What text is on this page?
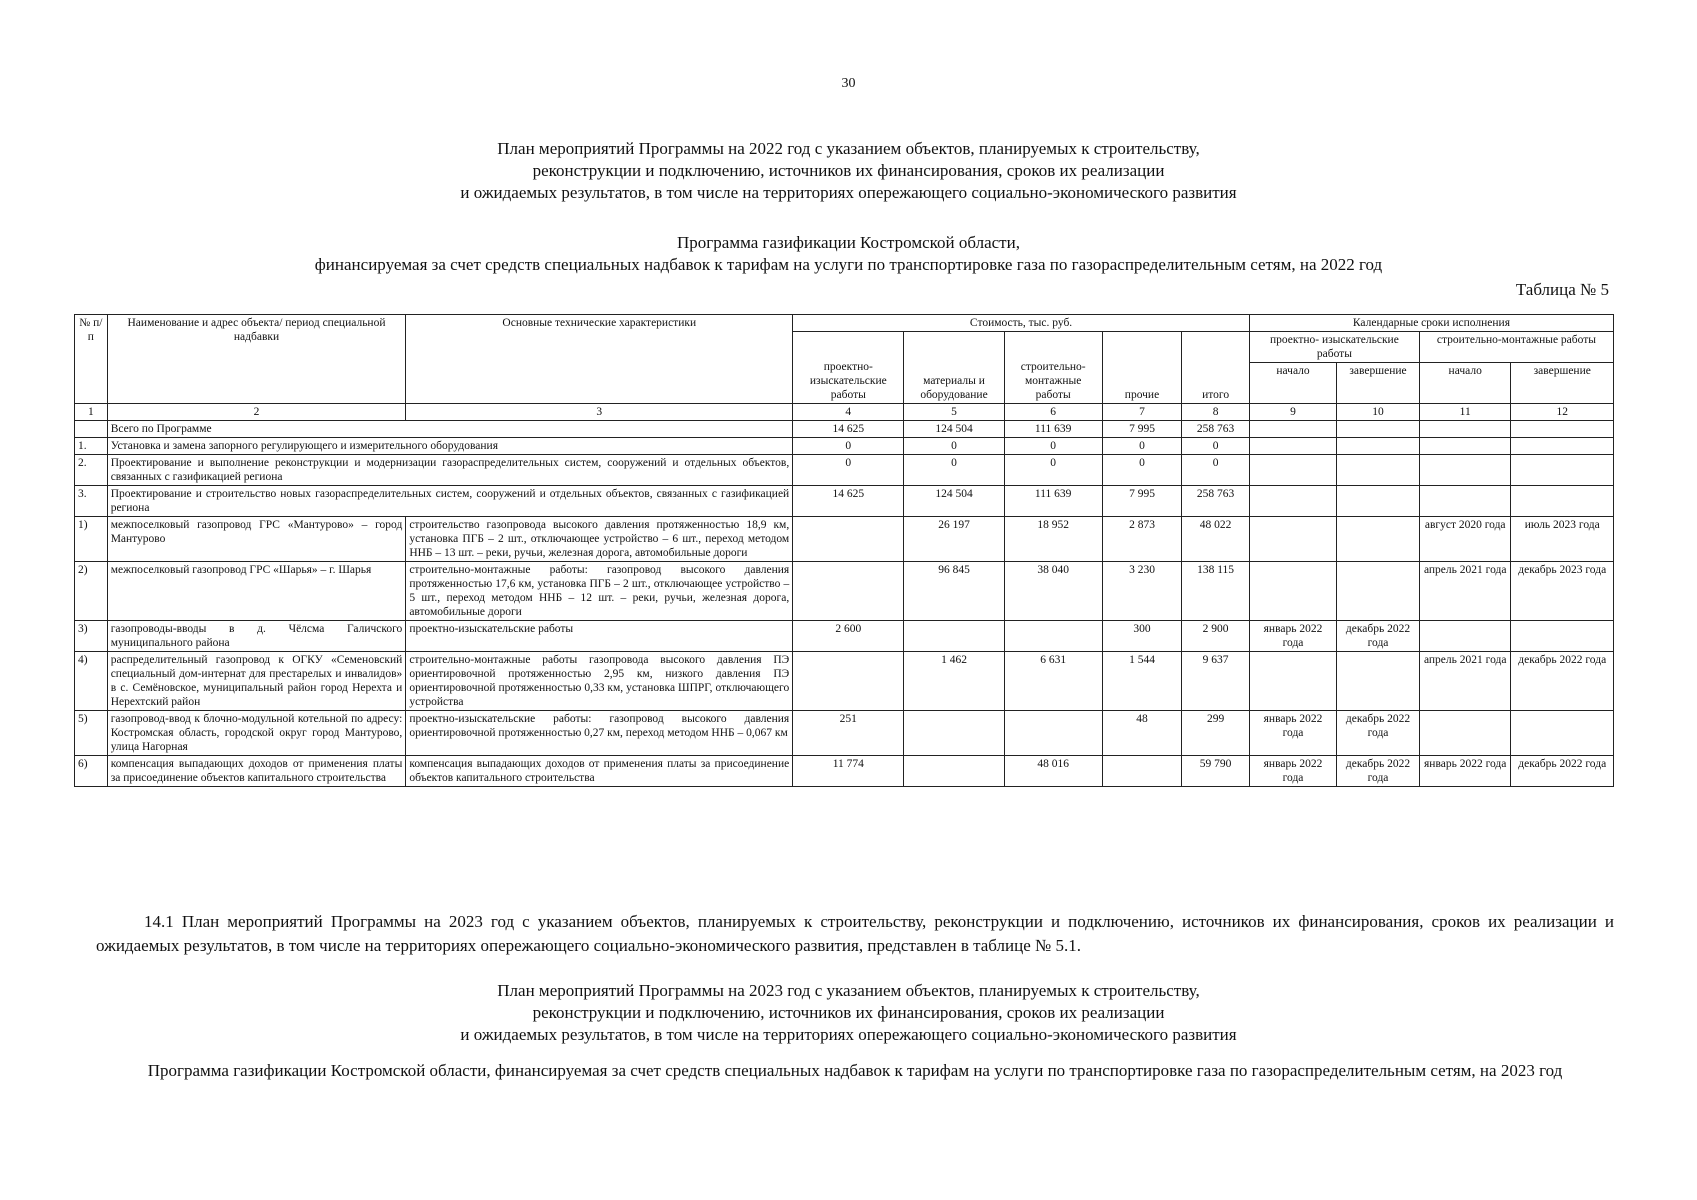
30
План мероприятий Программы на 2022 год с указанием объектов, планируемых к строительству,
реконструкции и подключению, источников их финансирования, сроков их реализации
и ожидаемых результатов, в том числе на территориях опережающего социально-экономического развития
Программа газификации Костромской области,
финансируемая за счет средств специальных надбавок к тарифам на услуги по транспортировке газа по газораспределительным сетям, на 2022 год
Таблица № 5
№ п/п	Наименование и адрес объекта/ период специальной надбавки	Основные технические характеристики	Стоимость, тыс. руб.					Календарные сроки исполнения			
			проектно- изыскательские работы	материалы и оборудование	строительно- монтажные работы	прочие	итого	проектно- изыскательские работы		строительно-монтажные работы	
								начало	завершение	начало	завершение
1	2	3	4	5	6	7	8	9	10	11	12
	Всего по Программе		14 625	124 504	111 639	7 995	258 763				
1.	Установка и замена запорного регулирующего и измерительного оборудования		0	0	0	0	0				
2.	Проектирование и выполнение реконструкции и модернизации газораспределительных систем, сооружений и отдельных объектов, связанных с газификацией региона		0	0	0	0	0				
3.	Проектирование и строительство новых газораспределительных систем, сооружений и отдельных объектов, связанных с газификацией региона		14 625	124 504	111 639	7 995	258 763				
1)	межпоселковый газопровод ГРС «Мантурово» – город Мантурово	строительство газопровода высокого давления протяженностью 18,9 км, установка ПГБ – 2 шт., отключающее устройство – 6 шт., переход методом ННБ – 13 шт. – реки, ручьи, железная дорога, автомобильные дороги		26 197	18 952	2 873	48 022			август 2020 года	июль 2023 года
2)	межпоселковый газопровод ГРС «Шарья» – г. Шарья	строительно-монтажные работы: газопровод высокого давления протяженностью 17,6 км, установка ПГБ – 2 шт., отключающее устройство – 5 шт., переход методом ННБ – 12 шт. – реки, ручьи, железная дорога, автомобильные дороги		96 845	38 040	3 230	138 115			апрель 2021 года	декабрь 2023 года
3)	газопроводы-вводы в д. Чёлсма Галичского муниципального района	проектно-изыскательские работы	2 600			300	2 900	январь 2022 года	декабрь 2022 года		
4)	распределительный газопровод к ОГКУ «Семеновский специальный дом-интернат для престарелых и инвалидов» в с. Семёновское, муниципальный район город Нерехта и Нерехтский район	строительно-монтажные работы газопровода высокого давления ПЭ ориентировочной протяженностью 2,95 км, низкого давления ПЭ ориентировочной протяженностью 0,33 км, установка ШПРГ, отключающего устройства		1 462	6 631	1 544	9 637			апрель 2021 года	декабрь 2022 года
5)	газопровод-ввод к блочно-модульной котельной по адресу: Костромская область, городской округ город Мантурово, улица Нагорная	проектно-изыскательские работы: газопровод высокого давления ориентировочной протяженностью 0,27 км, переход методом ННБ – 0,067 км	251			48	299	январь 2022 года	декабрь 2022 года		
6)	компенсация выпадающих доходов от применения платы за присоединение объектов капитального строительства	компенсация выпадающих доходов от применения платы за присоединение объектов капитального строительства	11 774		48 016		59 790	январь 2022 года	декабрь 2022 года	январь 2022 года	декабрь 2022 года
14.1 План мероприятий Программы на 2023 год с указанием объектов, планируемых к строительству, реконструкции и подключению, источников их финансирования, сроков их реализации и ожидаемых результатов, в том числе на территориях опережающего социально-экономического развития, представлен в таблице № 5.1.
План мероприятий Программы на 2023 год с указанием объектов, планируемых к строительству,
реконструкции и подключению, источников их финансирования, сроков их реализации
и ожидаемых результатов, в том числе на территориях опережающего социально-экономического развития
Программа газификации Костромской области, финансируемая за счет средств специальных надбавок к тарифам на услуги по транспортировке газа по газораспределительным сетям, на 2023 год
